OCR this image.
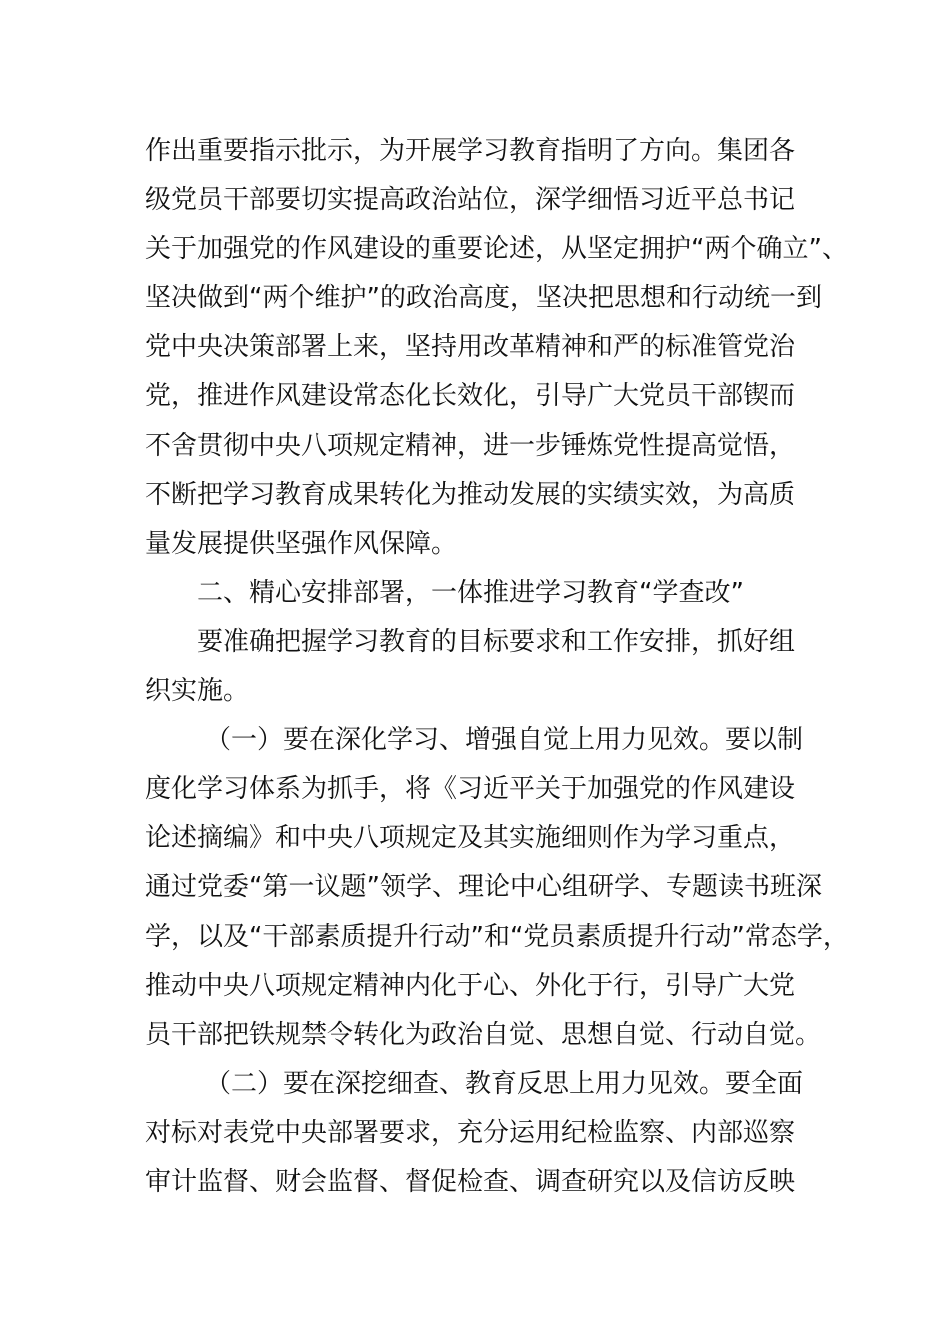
作出重要指示批示，为开展学习教育指明了方向。集团各
级党员干部要切实提高政治站位，深学细悟习近平总书记
关于加强党的作风建设的重要论述，从坚定拥护“两个确立”、
坚决做到“两个维护”的政治高度，坚决把思想和行动统一到
党中央决策部署上来，坚持用改革精神和严的标准管党治
党，推进作风建设常态化长效化，引导广大党员干部锲而
不舍贯彻中央八项规定精神，进一步锤炼党性提高觉悟，
不断把学习教育成果转化为推动发展的实绩实效，为高质
量发展提供坚强作风保障。
二、精心安排部署，一体推进学习教育“学查改”
要准确把握学习教育的目标要求和工作安排，抓好组
织实施。
（一）要在深化学习、增强自觉上用力见效。要以制
度化学习体系为抓手，将《习近平关于加强党的作风建设
论述摘编》和中央八项规定及其实施细则作为学习重点，
通过党委“第一议题”领学、理论中心组研学、专题读书班深
学，以及“干部素质提升行动”和“党员素质提升行动”常态学，
推动中央八项规定精神内化于心、外化于行，引导广大党
员干部把铁规禁令转化为政治自觉、思想自觉、行动自觉。
（二）要在深挖细查、教育反思上用力见效。要全面
对标对表党中央部署要求，充分运用纪检监察、内部巡察
审计监督、财会监督、督促检查、调查研究以及信访反映
